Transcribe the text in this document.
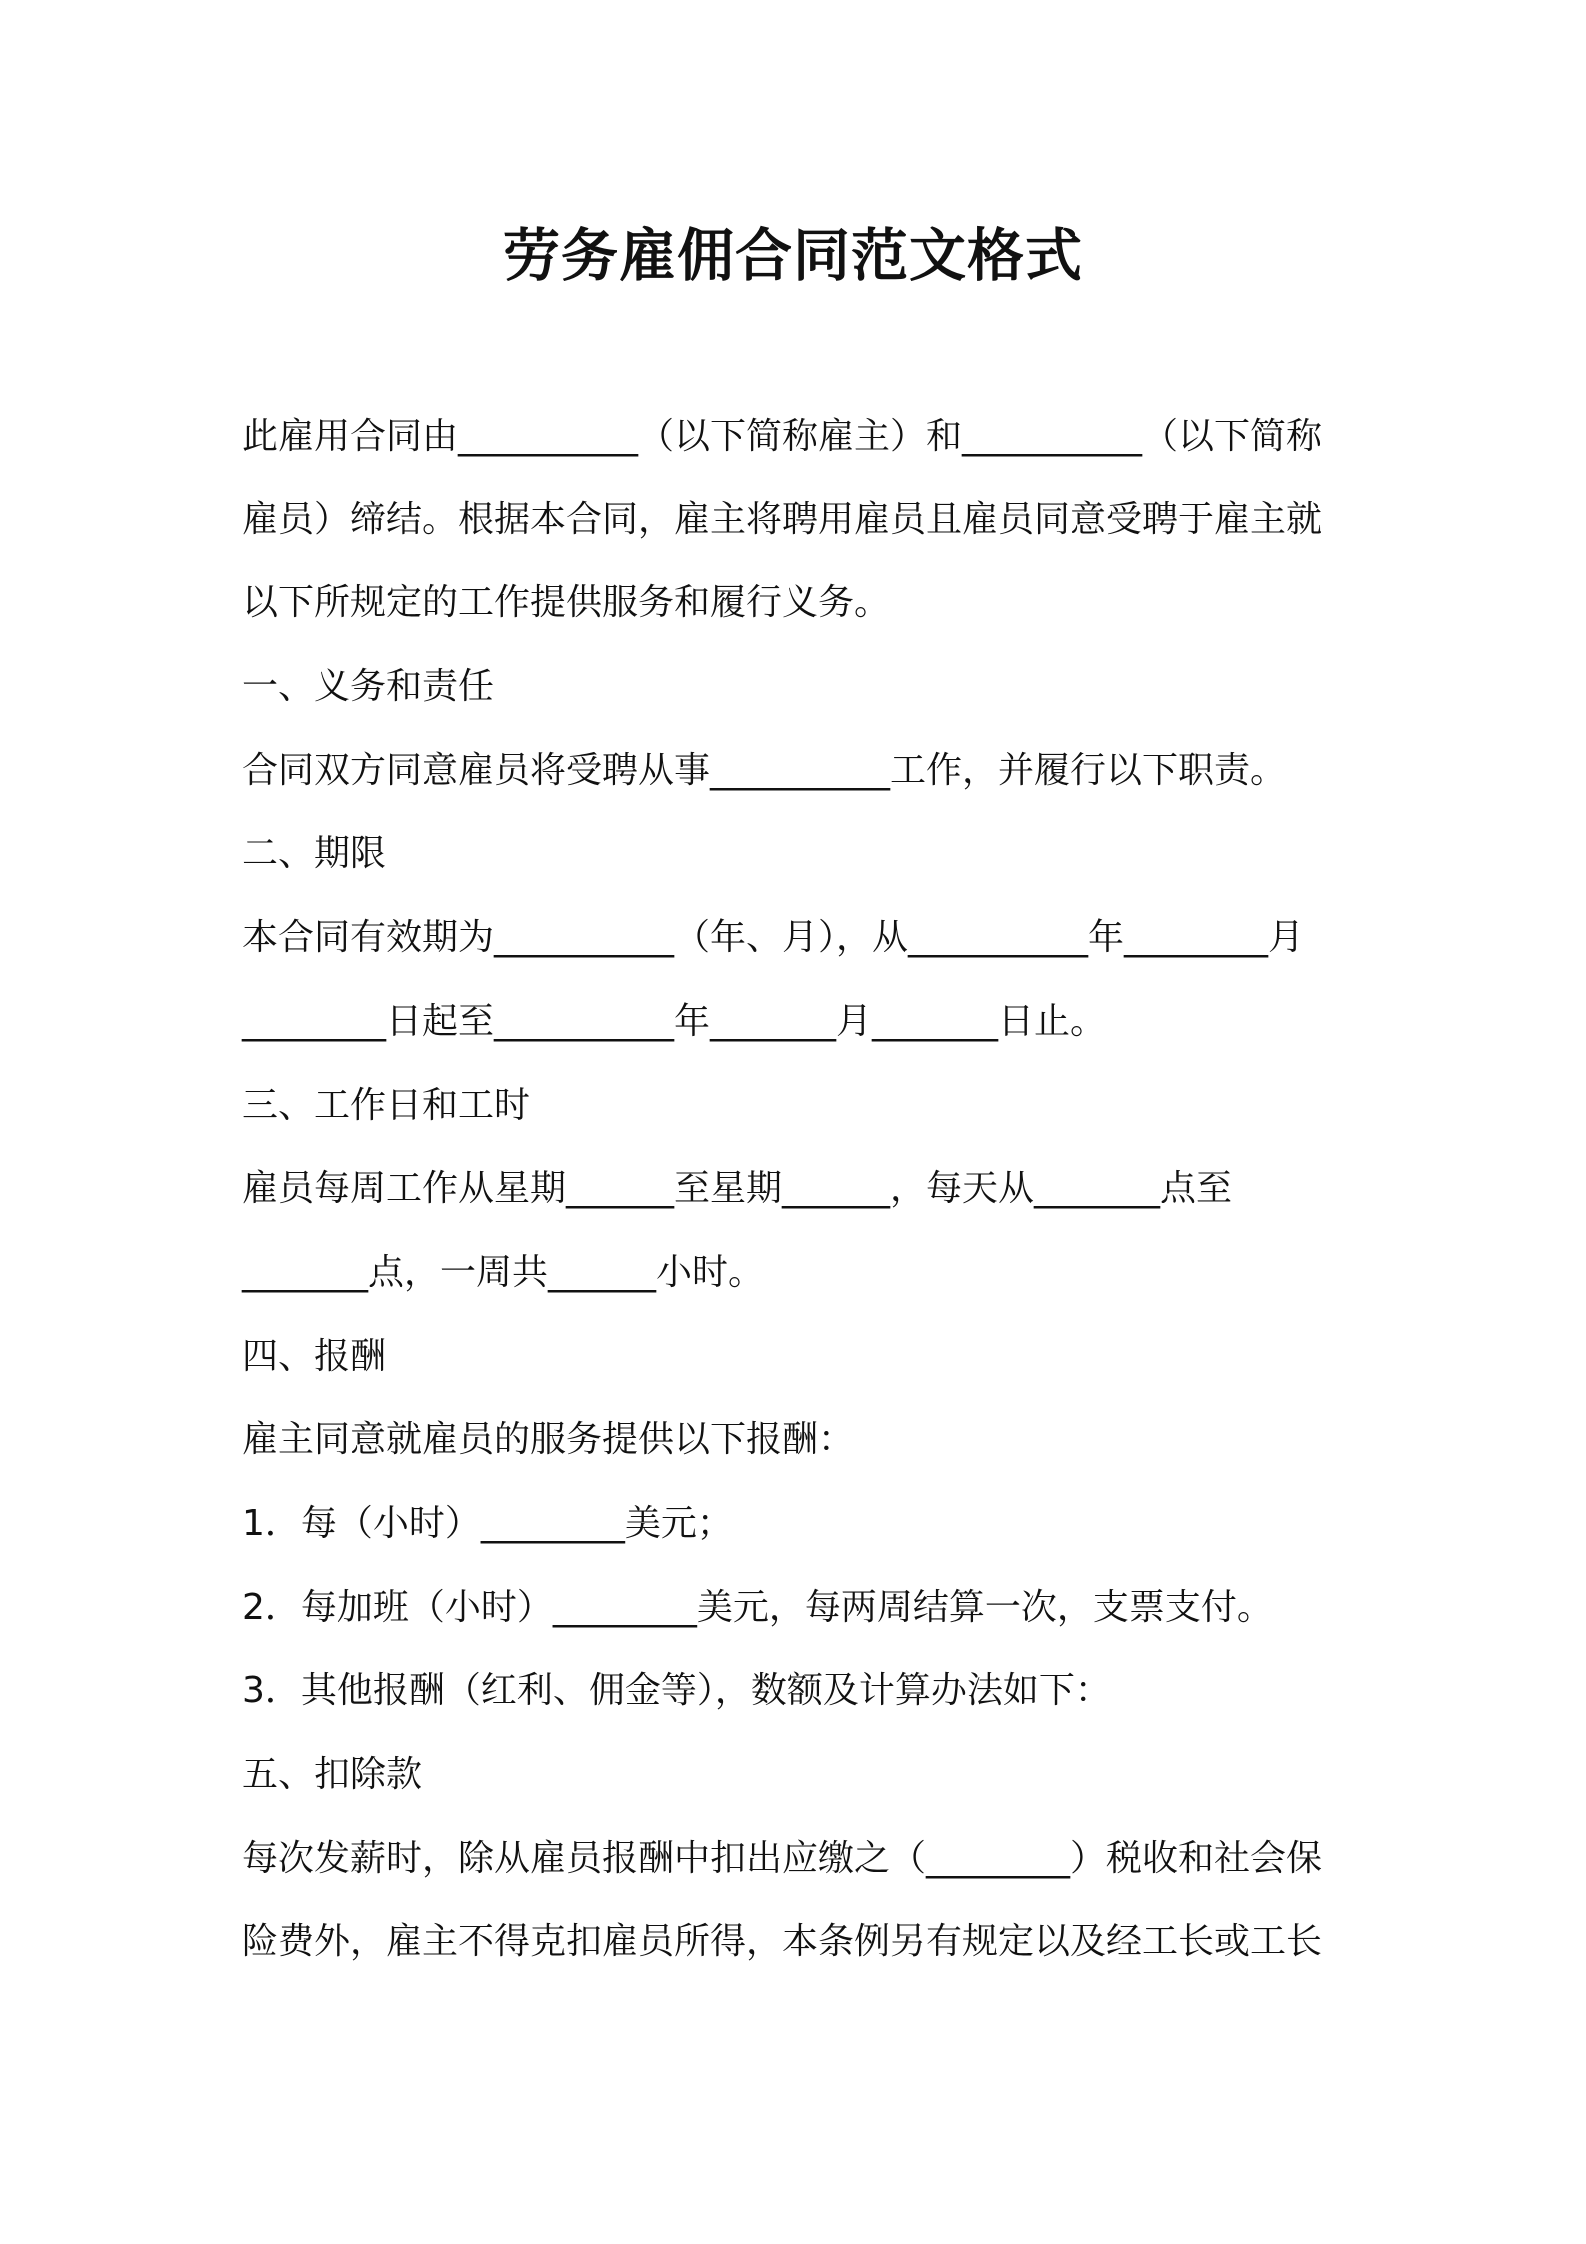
劳务雇佣合同范文格式
此雇用合同由__________（以下简称雇主）和__________（以下简称
雇员）缔结。根据本合同，雇主将聘用雇员且雇员同意受聘于雇主就
以下所规定的工作提供服务和履行义务。
一、义务和责任
合同双方同意雇员将受聘从事__________工作，并履行以下职责。
二、期限
本合同有效期为__________（年、月），从__________年________月
________日起至__________年_______月_______日止。
三、工作日和工时
雇员每周工作从星期______至星期______，每天从_______点至
_______点，一周共______小时。
四、报酬
雇主同意就雇员的服务提供以下报酬：
1．每（小时）________美元；
2．每加班（小时）________美元，每两周结算一次，支票支付。
3．其他报酬（红利、佣金等），数额及计算办法如下：
五、扣除款
每次发薪时，除从雇员报酬中扣出应缴之（________）税收和社会保
险费外，雇主不得克扣雇员所得，本条例另有规定以及经工长或工长
